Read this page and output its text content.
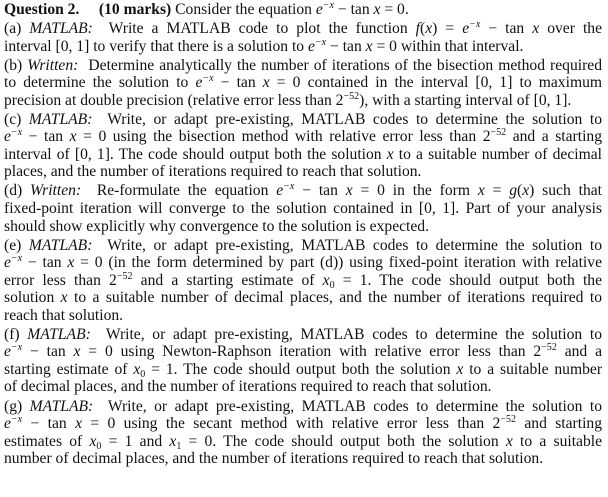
Question 2. (10 marks) Consider the equation $e^{-x} - \tan x = 0$.
(a) MATLAB: Write a MATLAB code to plot the function $f(x) = e^{-x} - \tan x$ over the
interval [0, 1] to verify that there is a solution to $e^{-x} - \tan x = 0$ within that interval.
(b) Written: Determine analytically the number of iterations of the bisection method required
to determine the solution to $e^{-x} - \tan x = 0$ contained in the interval [0, 1] to maximum
precision at double precision (relative error less than $2^{-52}$), with a starting interval of [0, 1].
(c) MATLAB: Write, or adapt pre-existing, MATLAB codes to determine the solution to
$e^{-x} - \tan x = 0$ using the bisection method with relative error less than $2^{-52}$ and a starting
interval of [0, 1]. The code should output both the solution x to a suitable number of decimal
places, and the number of iterations required to reach that solution.
(d) Written: Re-formulate the equation $e^{-x} - \tan x = 0$ in the form x = g(x) such that
fixed-point iteration will converge to the solution contained in [0, 1]. Part of your analysis
should show explicitly why convergence to the solution is expected.
(e) MATLAB: Write, or adapt pre-existing, MATLAB codes to determine the solution to
$e^{-x} - \tan x = 0$ (in the form determined by part (d)) using fixed-point iteration with relative
error less than $2^{-52}$ and a starting estimate of $x_0 = 1$. The code should output both the
solution x to a suitable number of decimal places, and the number of iterations required to
reach that solution.
(f) MATLAB: Write, or adapt pre-existing, MATLAB codes to determine the solution to
$e^{-x} - \tan x = 0$ using Newton-Raphson iteration with relative error less than $2^{-52}$ and a
starting estimate of $x_0 = 1$. The code should output both the solution x to a suitable number
of decimal places, and the number of iterations required to reach that solution.
(g) MATLAB: Write, or adapt pre-existing, MATLAB codes to determine the solution to
$e^{-x} - \tan x = 0$ using the secant method with relative error less than $2^{-52}$ and starting
estimates of $x_0 = 1$ and $x_1 = 0$. The code should output both the solution x to a suitable
number of decimal places, and the number of iterations required to reach that solution.
